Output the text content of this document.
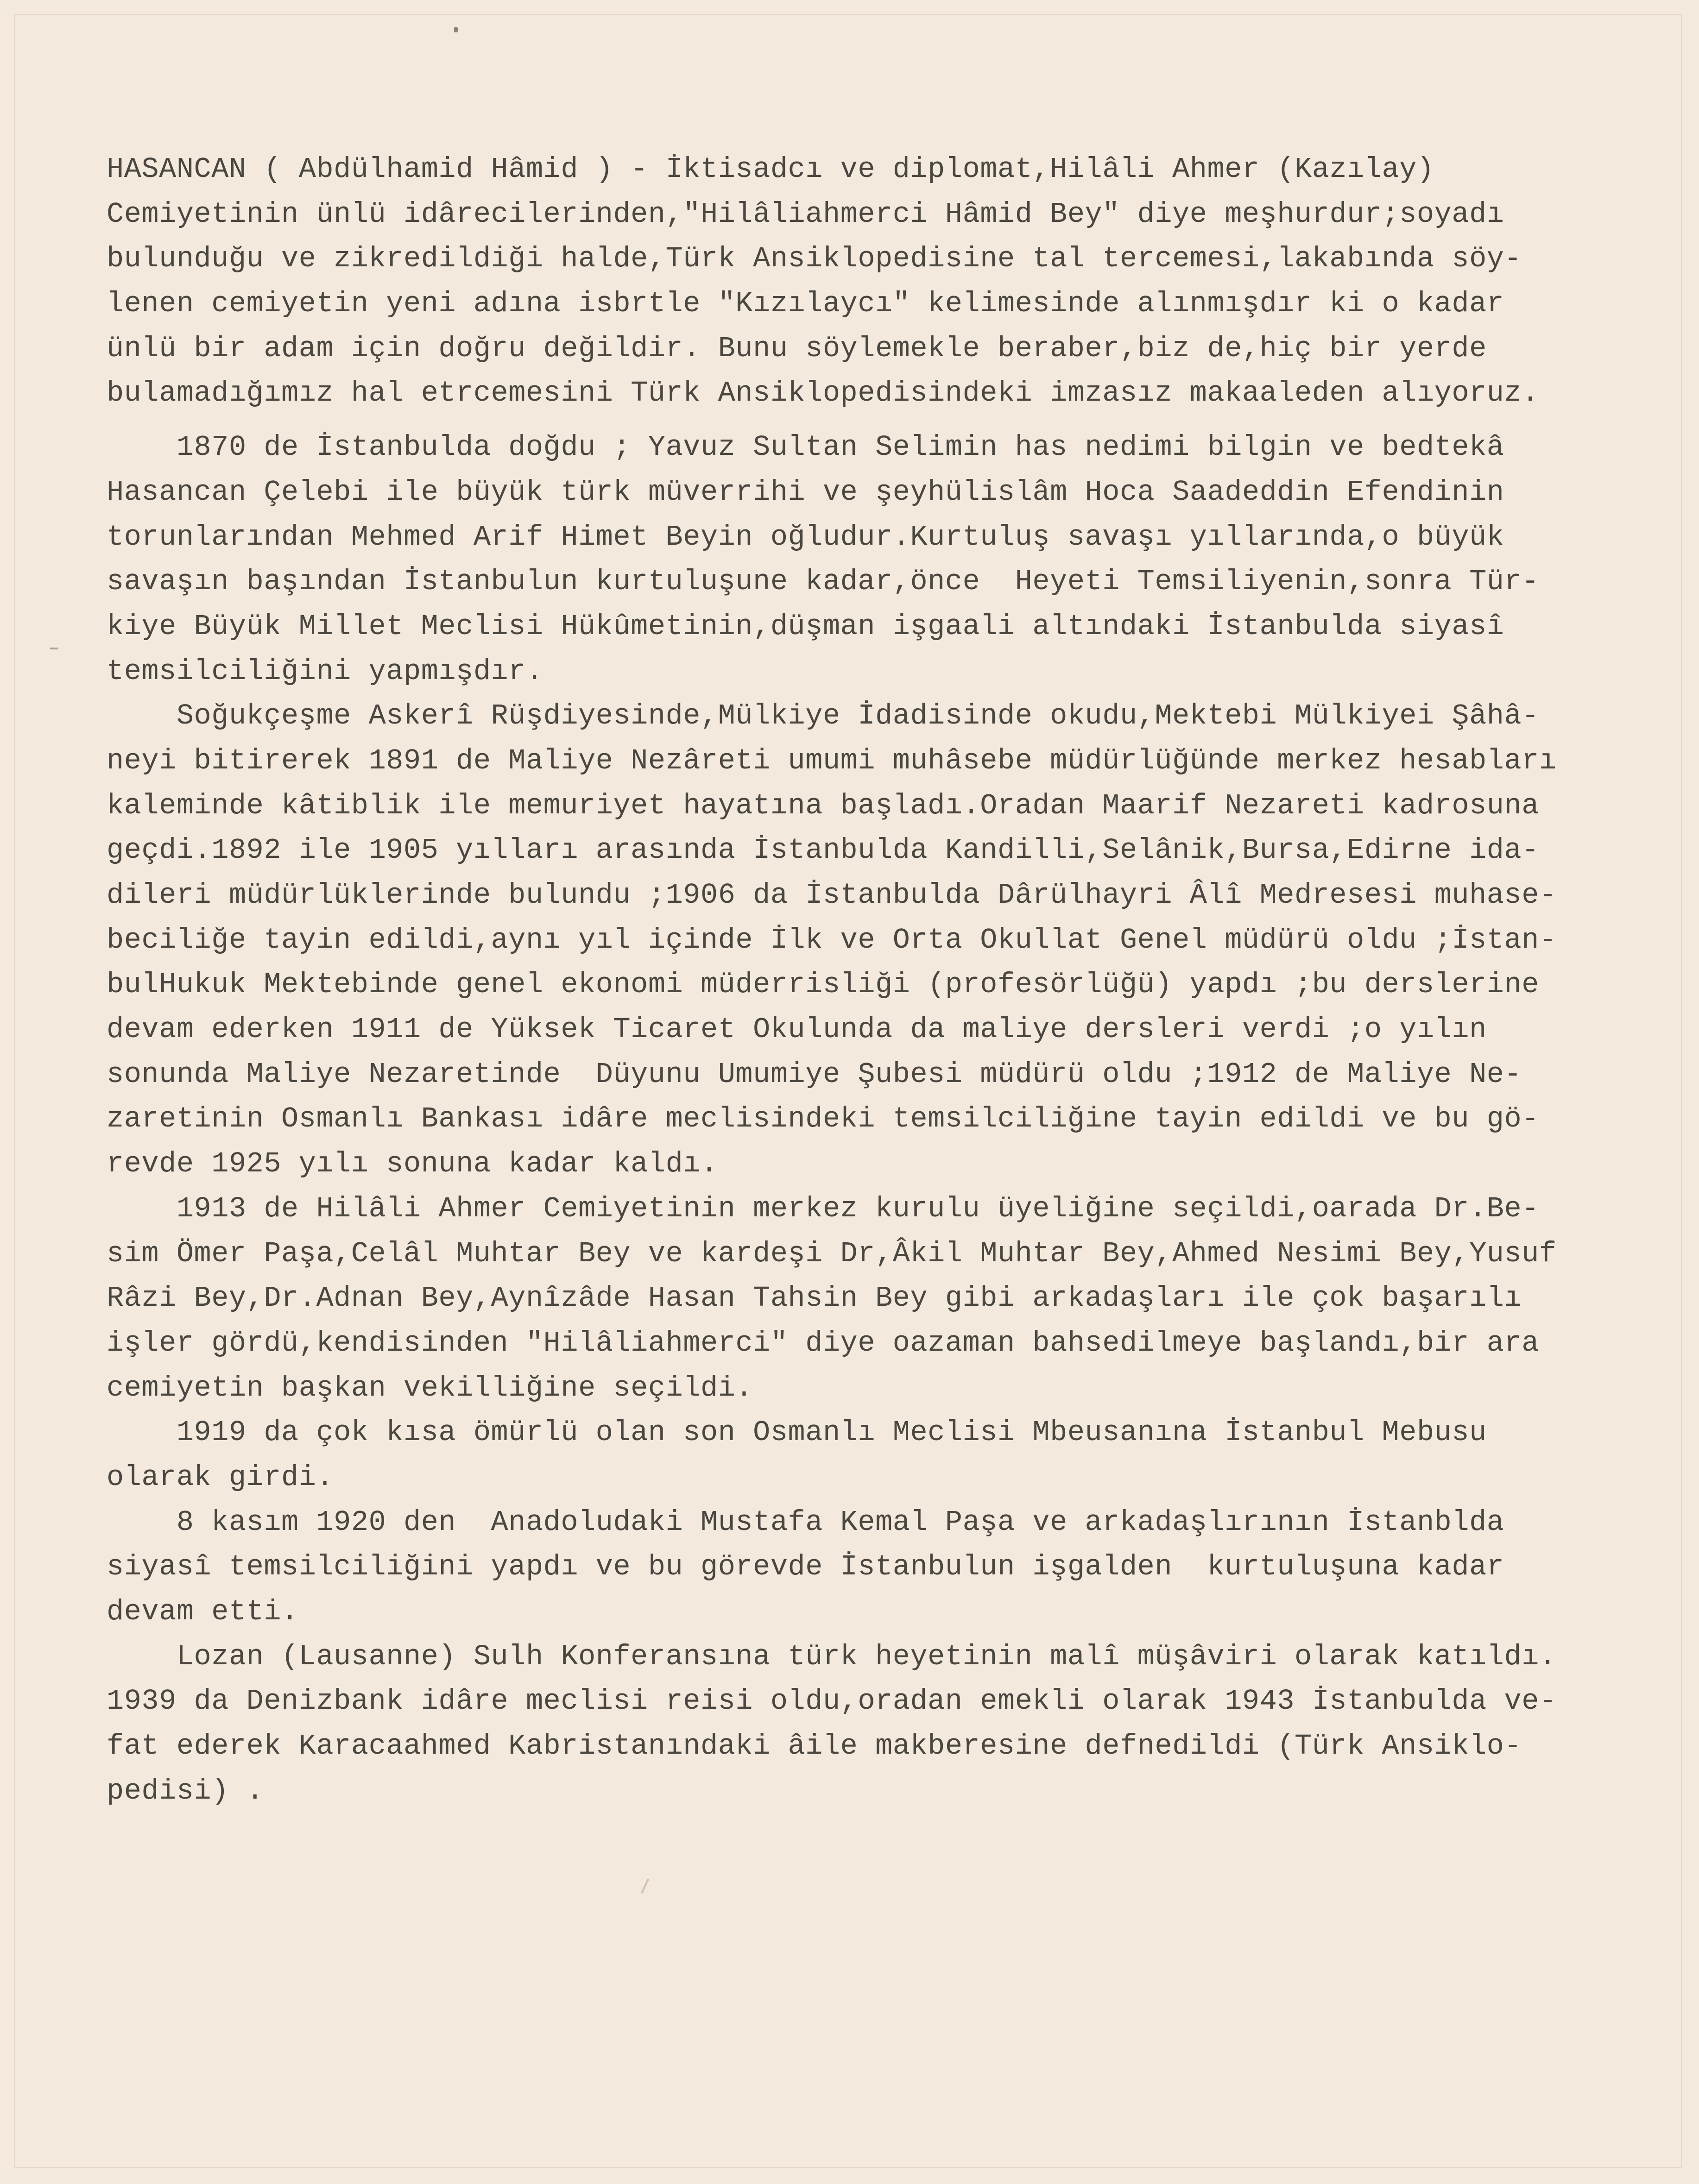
HASANCAN ( Abdülhamid Hâmid ) - İktisadcı ve diplomat,Hilâli Ahmer (Kazılay)
Cemiyetinin ünlü idârecilerinden,"Hilâliahmerci Hâmid Bey" diye meşhurdur;soyadı
bulunduğu ve zikredildiği halde,Türk Ansiklopedisine tal tercemesi,lakabında söy-
lenen cemiyetin yeni adına isbrtle "Kızılaycı" kelimesinde alınmışdır ki o kadar
ünlü bir adam için doğru değildir. Bunu söylemekle beraber,biz de,hiç bir yerde
bulamadığımız hal etrcemesini Türk Ansiklopedisindeki imzasız makaaleden alıyoruz.
1870 de İstanbulda doğdu ; Yavuz Sultan Selimin has nedimi bilgin ve bedtekâ
Hasancan Çelebi ile büyük türk müverrihi ve şeyhülislâm Hoca Saadeddin Efendinin
torunlarından Mehmed Arif Himet Beyin oğludur.Kurtuluş savaşı yıllarında,o büyük
savaşın başından İstanbulun kurtuluşune kadar,önce  Heyeti Temsiliyenin,sonra Tür-
kiye Büyük Millet Meclisi Hükûmetinin,düşman işgaali altındaki İstanbulda siyasî
temsilciliğini yapmışdır.
Soğukçeşme Askerî Rüşdiyesinde,Mülkiye İdadisinde okudu,Mektebi Mülkiyei Şâhâ-
neyi bitirerek 1891 de Maliye Nezâreti umumi muhâsebe müdürlüğünde merkez hesabları
kaleminde kâtiblik ile memuriyet hayatına başladı.Oradan Maarif Nezareti kadrosuna
geçdi.1892 ile 1905 yılları arasında İstanbulda Kandilli,Selânik,Bursa,Edirne ida-
dileri müdürlüklerinde bulundu ;1906 da İstanbulda Dârülhayri Âlî Medresesi muhase-
beciliğe tayin edildi,aynı yıl içinde İlk ve Orta Okullat Genel müdürü oldu ;İstan-
bulHukuk Mektebinde genel ekonomi müderrisliği (profesörlüğü) yapdı ;bu derslerine
devam ederken 1911 de Yüksek Ticaret Okulunda da maliye dersleri verdi ;o yılın
sonunda Maliye Nezaretinde  Düyunu Umumiye Şubesi müdürü oldu ;1912 de Maliye Ne-
zaretinin Osmanlı Bankası idâre meclisindeki temsilciliğine tayin edildi ve bu gö-
revde 1925 yılı sonuna kadar kaldı.
1913 de Hilâli Ahmer Cemiyetinin merkez kurulu üyeliğine seçildi,oarada Dr.Be-
sim Ömer Paşa,Celâl Muhtar Bey ve kardeşi Dr,Âkil Muhtar Bey,Ahmed Nesimi Bey,Yusuf
Râzi Bey,Dr.Adnan Bey,Aynîzâde Hasan Tahsin Bey gibi arkadaşları ile çok başarılı
işler gördü,kendisinden "Hilâliahmerci" diye oazaman bahsedilmeye başlandı,bir ara
cemiyetin başkan vekilliğine seçildi.
1919 da çok kısa ömürlü olan son Osmanlı Meclisi Mbeusanına İstanbul Mebusu
olarak girdi.
8 kasım 1920 den  Anadoludaki Mustafa Kemal Paşa ve arkadaşlırının İstanblda
siyasî temsilciliğini yapdı ve bu görevde İstanbulun işgalden  kurtuluşuna kadar
devam etti.
Lozan (Lausanne) Sulh Konferansına türk heyetinin malî müşâviri olarak katıldı.
1939 da Denizbank idâre meclisi reisi oldu,oradan emekli olarak 1943 İstanbulda ve-
fat ederek Karacaahmed Kabristanındaki âile makberesine defnedildi (Türk Ansiklo-
pedisi) .
